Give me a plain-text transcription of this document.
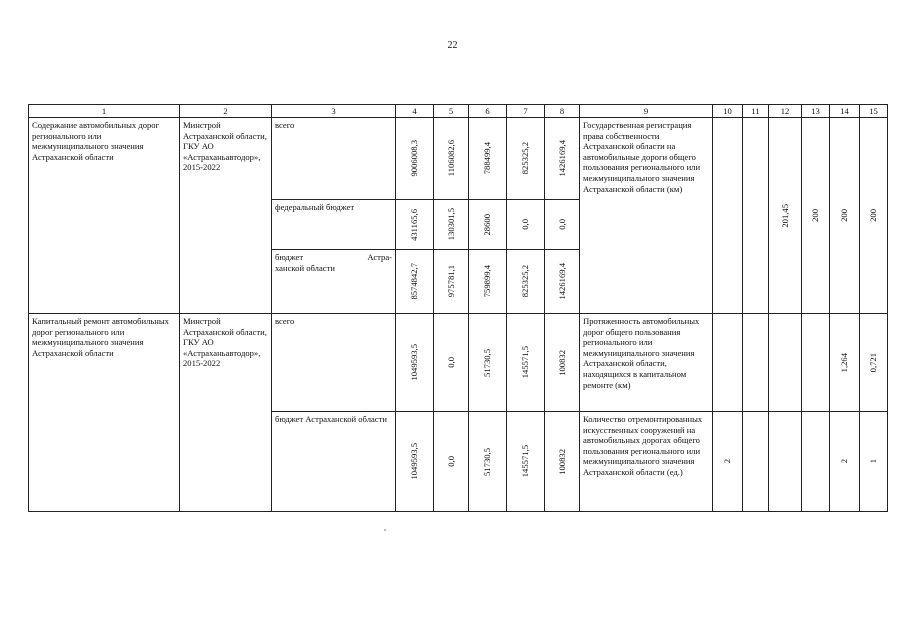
22
1	2	3	4	5	6	7	8	9	10	11	12	13	14	15
Содержание автомобильных дорог регионального или межмуниципального значения Астраханской области	Минстрой Астраханской области, ГКУ АО «Астраханьавтодор», 2015-2022	всего	9006008,3	1106082,6	788499,4	825325,2	1426169,4	Государственная регистрация права собственности Астраханской области на автомобильные дороги общего пользования регионального или межмуниципального значения Астраханской области (км)			201,45	200	200	200

		федеральный бюджет	431165,6	130301,5	28600	0,0	0,0							

		бюджет Астра-
ханской области	8574842,7	975781,1	759899,4	825325,2	1426169,4							

Капитальный ремонт автомобильных дорог регионального или межмуниципального значения Астраханской области	Минстрой Астраханской области, ГКУ АО «Астраханьавтодор», 2015-2022	всего	1049593,5	0,0	51730,5	145571,5	100832	Протяженность автомобильных дорог общего пользования регионального или межмуниципального значения Астраханской области, находящихся в капитальном ремонте (км)					1,264	0,721

		бюджет Астраханской области	1049593,5	0,0	51730,5	145571,5	100832	Количество отремонтированных искусственных сооружений на автомобильных дорогах общего пользования регионального или межмуниципального значения Астраханской области (ед.)	2				2	1
